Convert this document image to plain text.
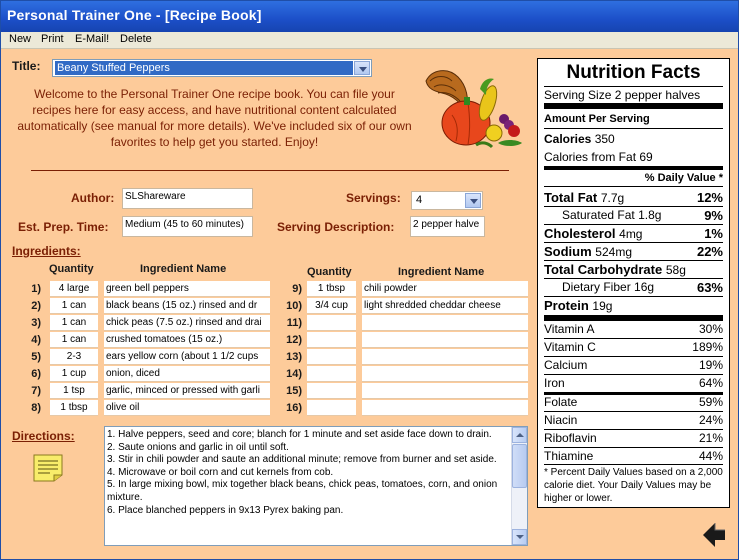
Personal Trainer One - [Recipe Book]
New Print E-Mail! Delete
Title: Beany Stuffed Peppers
Welcome to the Personal Trainer One recipe book. You can file your recipes here for easy access, and have nutritional content calculated automatically (see manual for more details). We've included six of our own favorites to help get you started. Enjoy!
Author:	SLShareware
Est. Prep. Time:	Medium (45 to 60 minutes)
Servings: 4
Serving Description:	2 pepper halve
Ingredients:
Quantity	Ingredient Name	Quantity	Ingredient Name
1)	4 large	green bell peppers
2)	1 can	black beans (15 oz.) rinsed and dr
3)	1 can	chick peas (7.5 oz.) rinsed and drai
4)	1 can	crushed tomatoes (15 oz.)
5)	2-3	ears yellow corn (about 1 1/2 cups
6)	1 cup	onion, diced
7)	1 tsp	garlic, minced or pressed with garli
8)	1 tbsp	olive oil
9)	1 tbsp	chili powder
10)	3/4 cup	light shredded cheddar cheese
11)
12)
13)
14)
15)
16)
Directions:	1. Halve peppers, seed and core; blanch for 1 minute and set aside face down to drain.
2. Saute onions and garlic in oil until soft.
3. Stir in chili powder and saute an additional minute; remove from burner and set aside.
4. Microwave or boil corn and cut kernels from cob.
5. In large mixing bowl, mix together black beans, chick peas, tomatoes, corn, and onion mixture.
6. Place blanched peppers in 9x13 Pyrex baking pan.
Nutrition Facts
Serving Size 2 pepper halves
Amount Per Serving
Calories 350
Calories from Fat 69
% Daily Value *
Total Fat 7.7g	12%
Saturated Fat 1.8g	9%
Cholesterol 4mg	1%
Sodium 524mg	22%
Total Carbohydrate 58g
Dietary Fiber 16g	63%
Protein 19g
Vitamin A	30%
Vitamin C	189%
Calcium	19%
Iron	64%
Folate	59%
Niacin	24%
Riboflavin	21%
Thiamine	44%
* Percent Daily Values based on a 2,000 calorie diet. Your Daily Values may be higher or lower.
